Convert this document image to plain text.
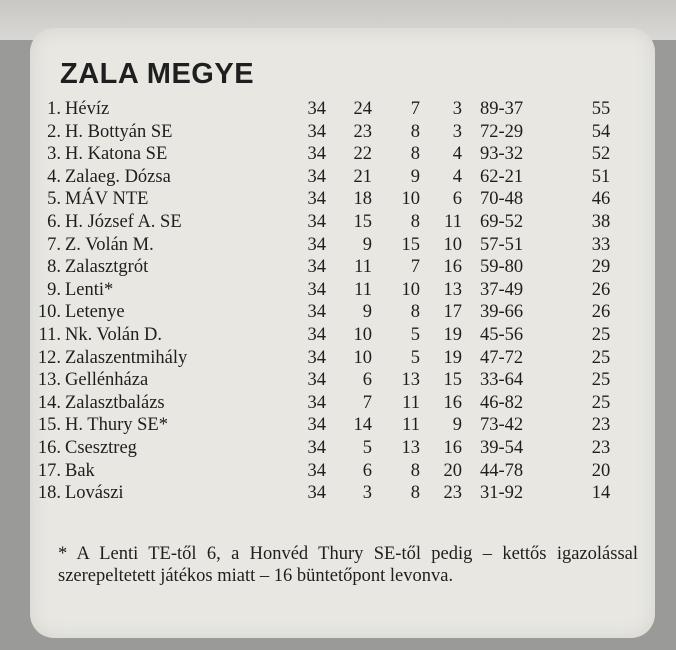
ZALA MEGYE
1. Hévíz	34	24	7	3 89-37	55
2. H. Bottyán SE	34	23	8	3 72-29	54
3. H. Katona SE	34	22	8	4 93-32	52
4. Zalaeg. Dózsa	34	21	9	4 62-21	51
5. MÁV NTE	34	18	10	6 70-48	46
6. H. József A. SE	34	15	8	11 69-52	38
7. Z. Volán M.	34	9	15	10 57-51	33
8. Zalasztgrót	34	11	7	16 59-80	29
9. Lenti*	34	11	10	13 37-49	26
10. Letenye	34	9	8	17 39-66	26
11. Nk. Volán D.	34	10	5	19 45-56	25
12. Zalaszentmihály	34	10	5	19 47-72	25
13. Gellénháza	34	6	13	15 33-64	25
14. Zalasztbalázs	34	7	11	16 46-82	25
15. H. Thury SE*	34	14	11	9 73-42	23
16. Csesztreg	34	5	13	16 39-54	23
17. Bak	34	6	8	20 44-78	20
18. Lovászi	34	3	8	23 31-92	14
* A Lenti TE-től 6, a Honvéd Thury SE-től pedig – kettős igazolással szerepeltetett játékos miatt – 16 büntetőpont levonva.
